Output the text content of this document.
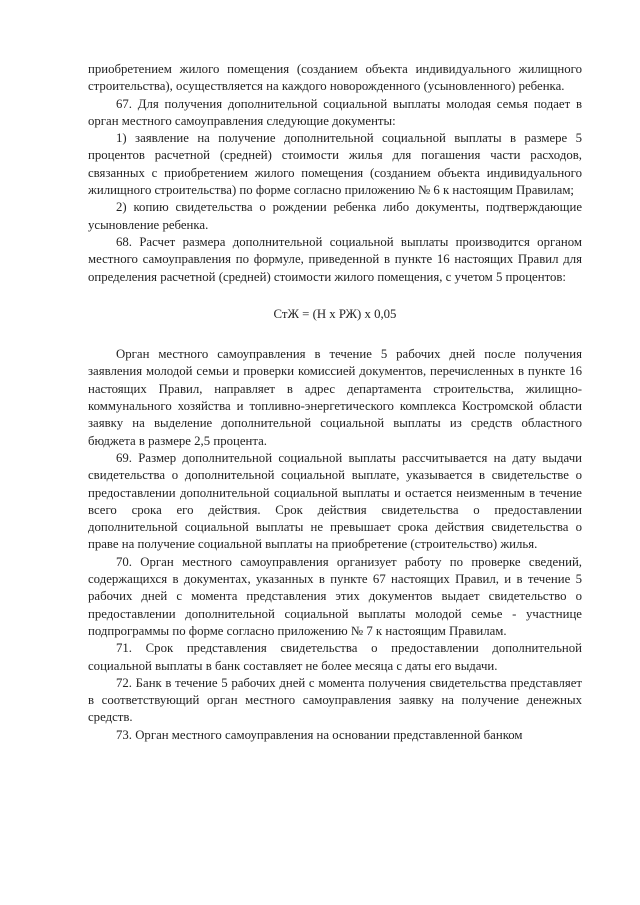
приобретением жилого помещения (созданием объекта индивидуального жилищного строительства), осуществляется на каждого новорожденного (усыновленного) ребенка.

67. Для получения дополнительной социальной выплаты молодая семья подает в орган местного самоуправления следующие документы:

1) заявление на получение дополнительной социальной выплаты в размере 5 процентов расчетной (средней) стоимости жилья для погашения части расходов, связанных с приобретением жилого помещения (созданием объекта индивидуального жилищного строительства) по форме согласно приложению № 6 к настоящим Правилам;

2) копию свидетельства о рождении ребенка либо документы, подтверждающие усыновление ребенка.

68. Расчет размера дополнительной социальной выплаты производится органом местного самоуправления по формуле, приведенной в пункте 16 настоящих Правил для определения расчетной (средней) стоимости жилого помещения, с учетом 5 процентов:

СтЖ = (Н х РЖ) х 0,05

Орган местного самоуправления в течение 5 рабочих дней после получения заявления молодой семьи и проверки комиссией документов, перечисленных в пункте 16 настоящих Правил, направляет в адрес департамента строительства, жилищно-коммунального хозяйства и топливно-энергетического комплекса Костромской области заявку на выделение дополнительной социальной выплаты из средств областного бюджета в размере 2,5 процента.

69. Размер дополнительной социальной выплаты рассчитывается на дату выдачи свидетельства о дополнительной социальной выплате, указывается в свидетельстве о предоставлении дополнительной социальной выплаты и остается неизменным в течение всего срока его действия. Срок действия свидетельства о предоставлении дополнительной социальной выплаты не превышает срока действия свидетельства о праве на получение социальной выплаты на приобретение (строительство) жилья.

70. Орган местного самоуправления организует работу по проверке сведений, содержащихся в документах, указанных в пункте 67 настоящих Правил, и в течение 5 рабочих дней с момента представления этих документов выдает свидетельство о предоставлении дополнительной социальной выплаты молодой семье - участнице подпрограммы по форме согласно приложению № 7 к настоящим Правилам.

71. Срок представления свидетельства о предоставлении дополнительной социальной выплаты в банк составляет не более месяца с даты его выдачи.

72. Банк в течение 5 рабочих дней с момента получения свидетельства представляет в соответствующий орган местного самоуправления заявку на получение денежных средств.

73. Орган местного самоуправления на основании представленной банком
